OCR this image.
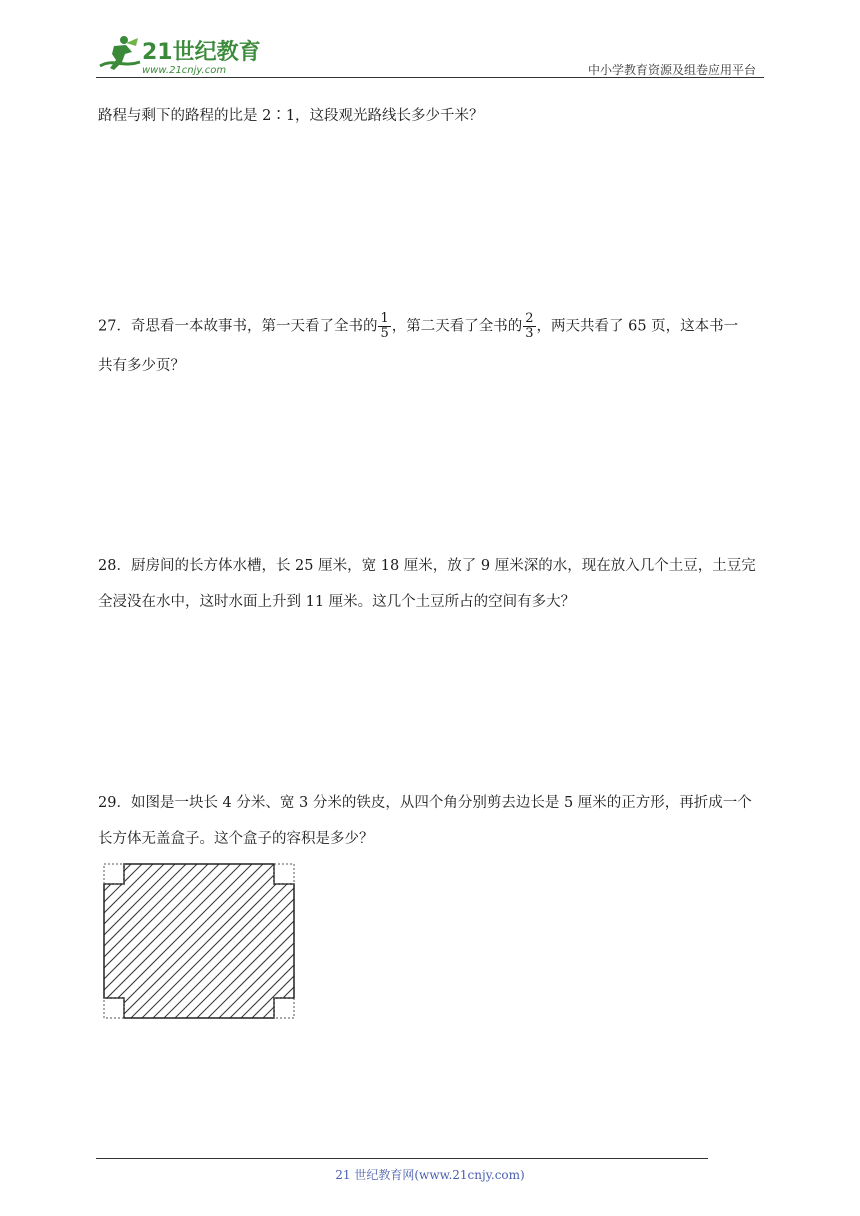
21世纪教育
www.21cnjy.com	中小学教育资源及组卷应用平台
路程与剩下的路程的比是 2∶1，这段观光路线长多少千米？
27．奇思看一本故事书，第一天看了全书的 $\frac{1}{5}$ ，第二天看了全书的 $\frac{2}{3}$ ，两天共看了 65 页，这本书一
共有多少页？
28．厨房间的长方体水槽，长 25 厘米，宽 18 厘米，放了 9 厘米深的水，现在放入几个土豆，土豆完
全浸没在水中，这时水面上升到 11 厘米。这几个土豆所占的空间有多大？
29．如图是一块长 4 分米、宽 3 分米的铁皮，从四个角分别剪去边长是 5 厘米的正方形，再折成一个
长方体无盖盒子。这个盒子的容积是多少？
21 世纪教育网(www.21cnjy.com)
